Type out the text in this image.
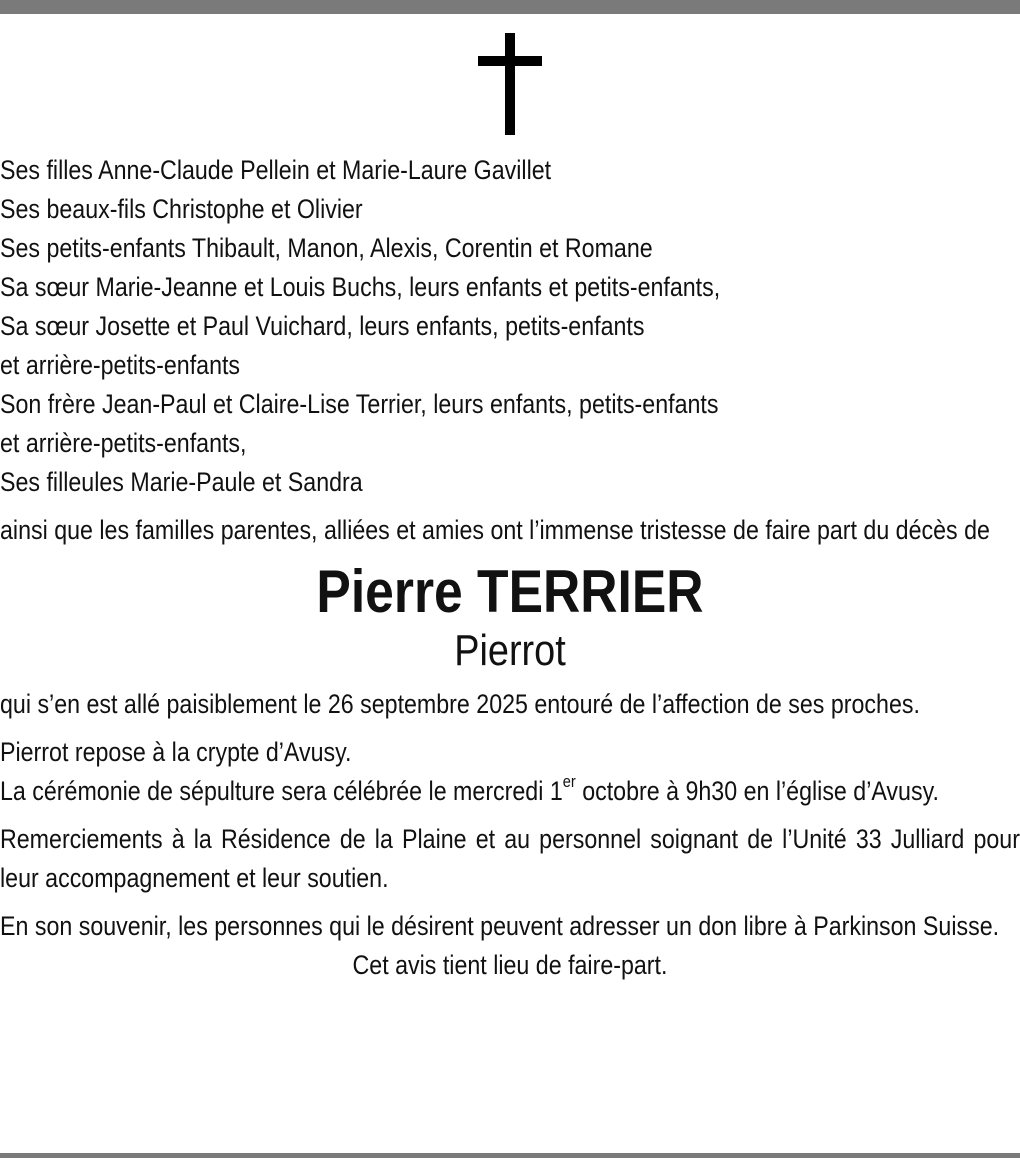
Ses filles Anne-Claude Pellein et Marie-Laure Gavillet
Ses beaux-fils Christophe et Olivier
Ses petits-enfants Thibault, Manon, Alexis, Corentin et Romane
Sa sœur Marie-Jeanne et Louis Buchs, leurs enfants et petits-enfants,
Sa sœur Josette et Paul Vuichard, leurs enfants, petits-enfants
et arrière-petits-enfants
Son frère Jean-Paul et Claire-Lise Terrier, leurs enfants, petits-enfants
et arrière-petits-enfants,
Ses filleules Marie-Paule et Sandra
ainsi que les familles parentes, alliées et amies ont l’immense tristesse de faire part du décès de
Pierre TERRIER
Pierrot
qui s’en est allé paisiblement le 26 septembre 2025 entouré de l’affection de ses proches.
Pierrot repose à la crypte d’Avusy.
La cérémonie de sépulture sera célébrée le mercredi 1er octobre à 9h30 en l’église d’Avusy.
Remerciements à la Résidence de la Plaine et au personnel soignant de l’Unité 33 Julliard pour leur accompagnement et leur soutien.
En son souvenir, les personnes qui le désirent peuvent adresser un don libre à Parkinson Suisse.
Cet avis tient lieu de faire-part.
